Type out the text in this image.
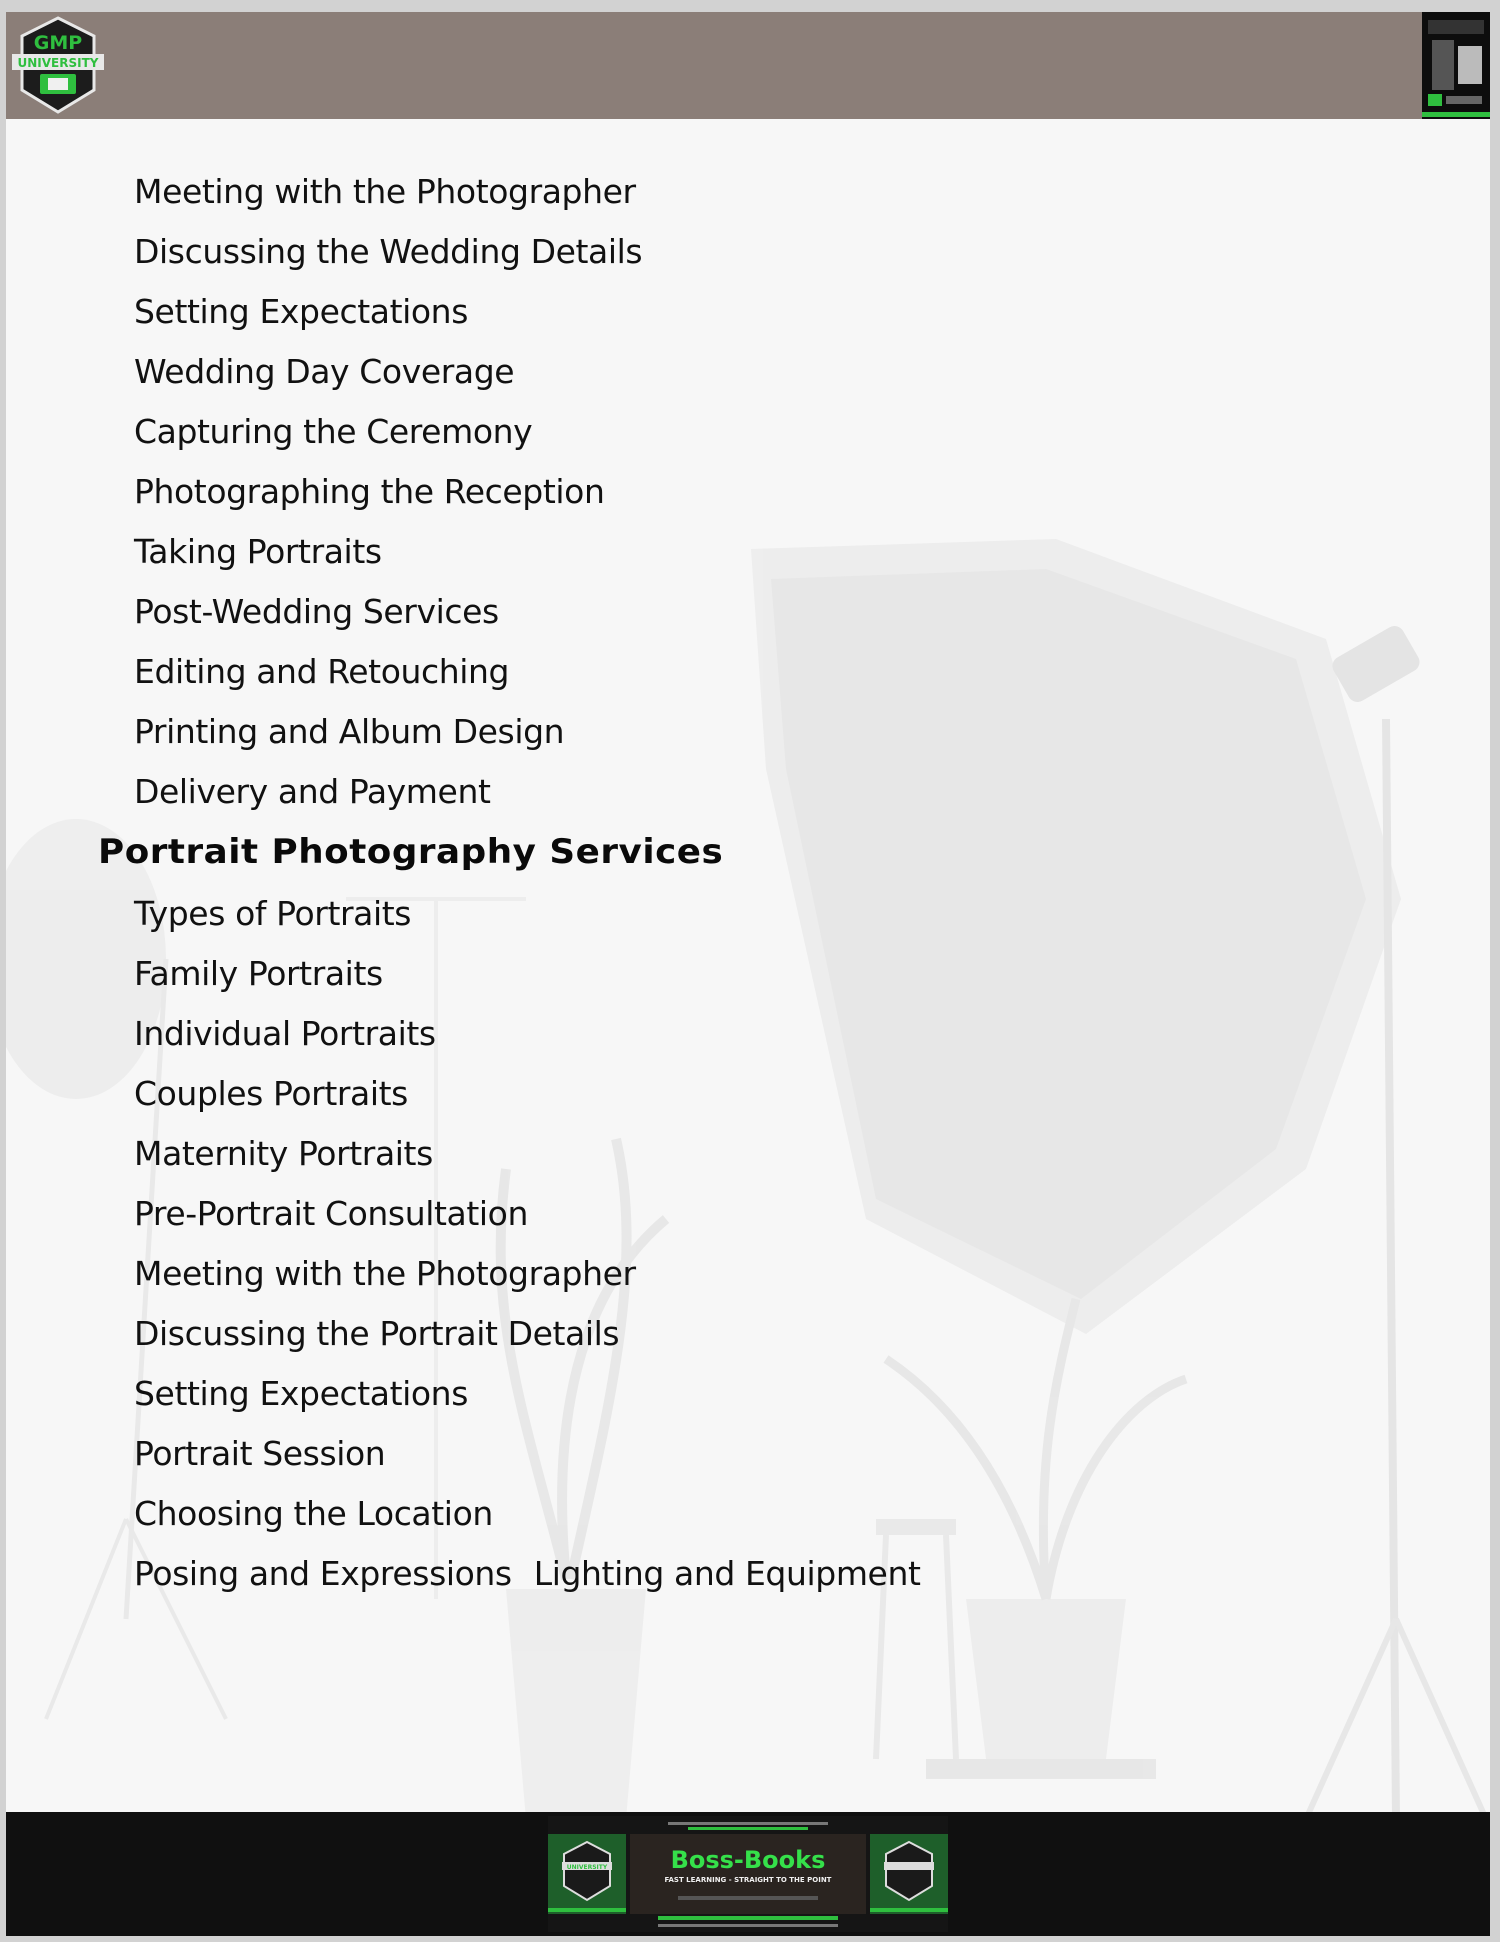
GMP
UNIVERSITY
Meeting with the Photographer
Discussing the Wedding Details
Setting Expectations
Wedding Day Coverage
Capturing the Ceremony
Photographing the Reception
Taking Portraits
Post-Wedding Services
Editing and Retouching
Printing and Album Design
Delivery and Payment
Portrait Photography Services
Types of Portraits
Family Portraits
Individual Portraits
Couples Portraits
Maternity Portraits
Pre-Portrait Consultation
Meeting with the Photographer
Discussing the Portrait Details
Setting Expectations
Portrait Session
Choosing the Location
Posing and Expressions Lighting and Equipment
UNIVERSITY	Boss-Books
FAST LEARNING - STRAIGHT TO THE POINT
